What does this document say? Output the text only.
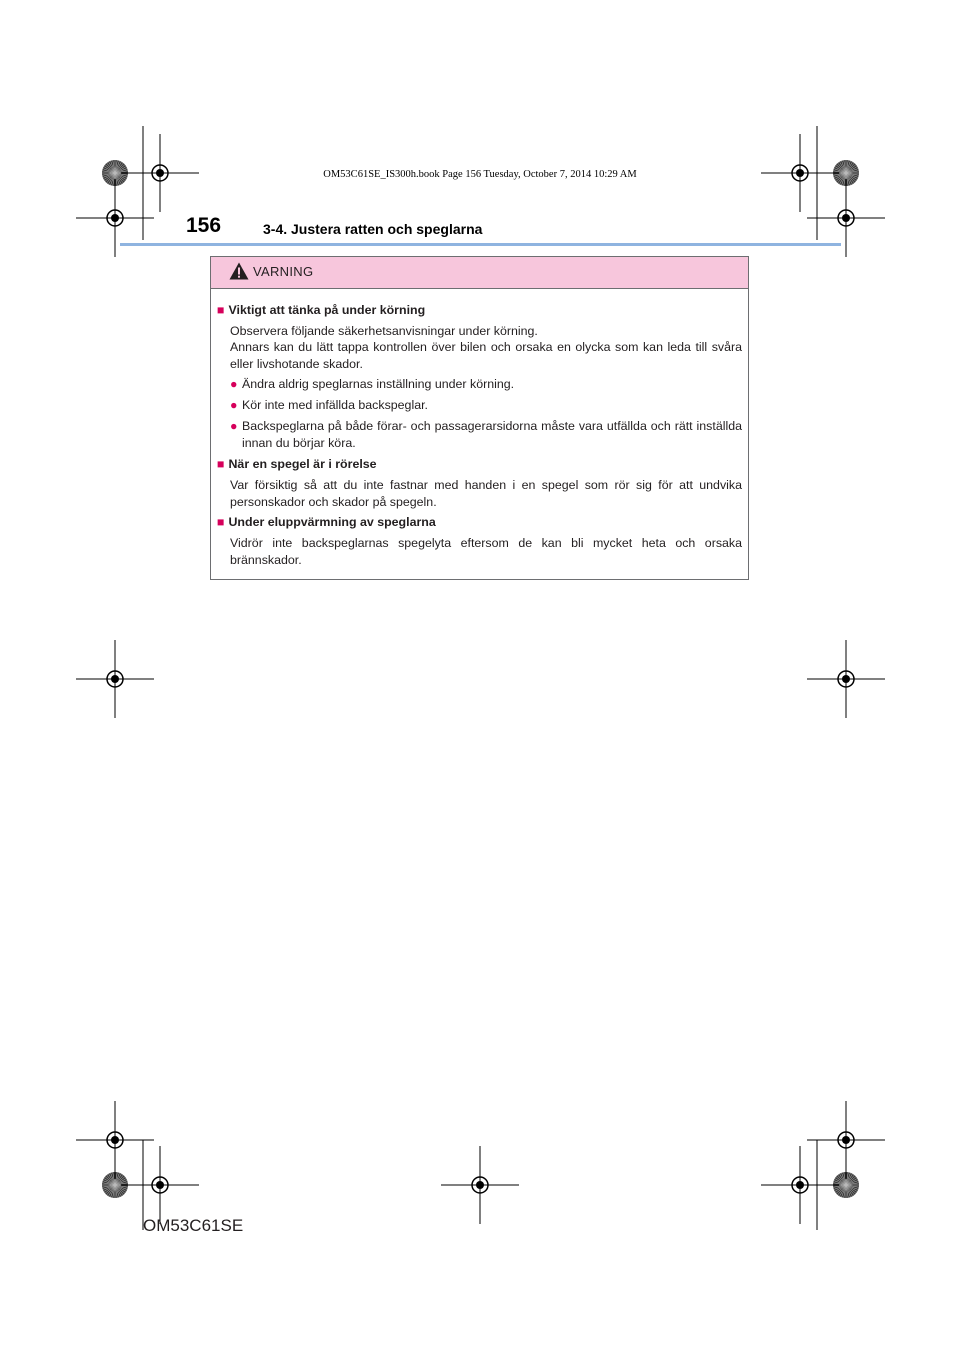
OM53C61SE_IS300h.book Page 156 Tuesday, October 7, 2014 10:29 AM
156	3-4. Justera ratten och speglarna
VARNING
■ Viktigt att tänka på under körning
Observera följande säkerhetsanvisningar under körning.
Annars kan du lätt tappa kontrollen över bilen och orsaka en olycka som kan leda till svåra eller livshotande skador.
● Ändra aldrig speglarnas inställning under körning.
● Kör inte med infällda backspeglar.
● Backspeglarna på både förar- och passagerarsidorna måste vara utfällda och rätt inställda innan du börjar köra.
■ När en spegel är i rörelse
Var försiktig så att du inte fastnar med handen i en spegel som rör sig för att undvika personskador och skador på spegeln.
■ Under eluppvärmning av speglarna
Vidrör inte backspeglarnas spegelyta eftersom de kan bli mycket heta och orsaka brännskador.
OM53C61SE
